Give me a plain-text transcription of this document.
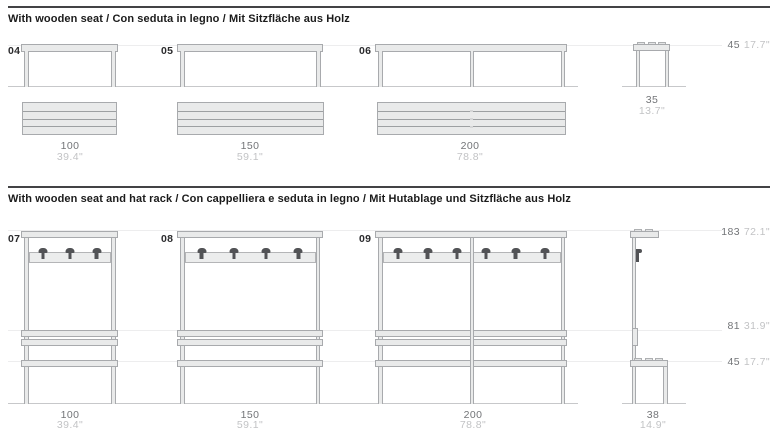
With wooden seat / Con seduta in legno / Mit Sitzfläche aus Holz
04	05	06	45 17.7"
35
13.7"
100
39.4"
150
59.1"
200
78.8"
With wooden seat and hat rack / Con cappelliera e seduta in legno / Mit Hutablage und Sitzfläche aus Holz
07	08	09
183 72.1"
81 31.9"
45 17.7"
100
39.4"
150
59.1"
200
78.8"
38
14.9"
